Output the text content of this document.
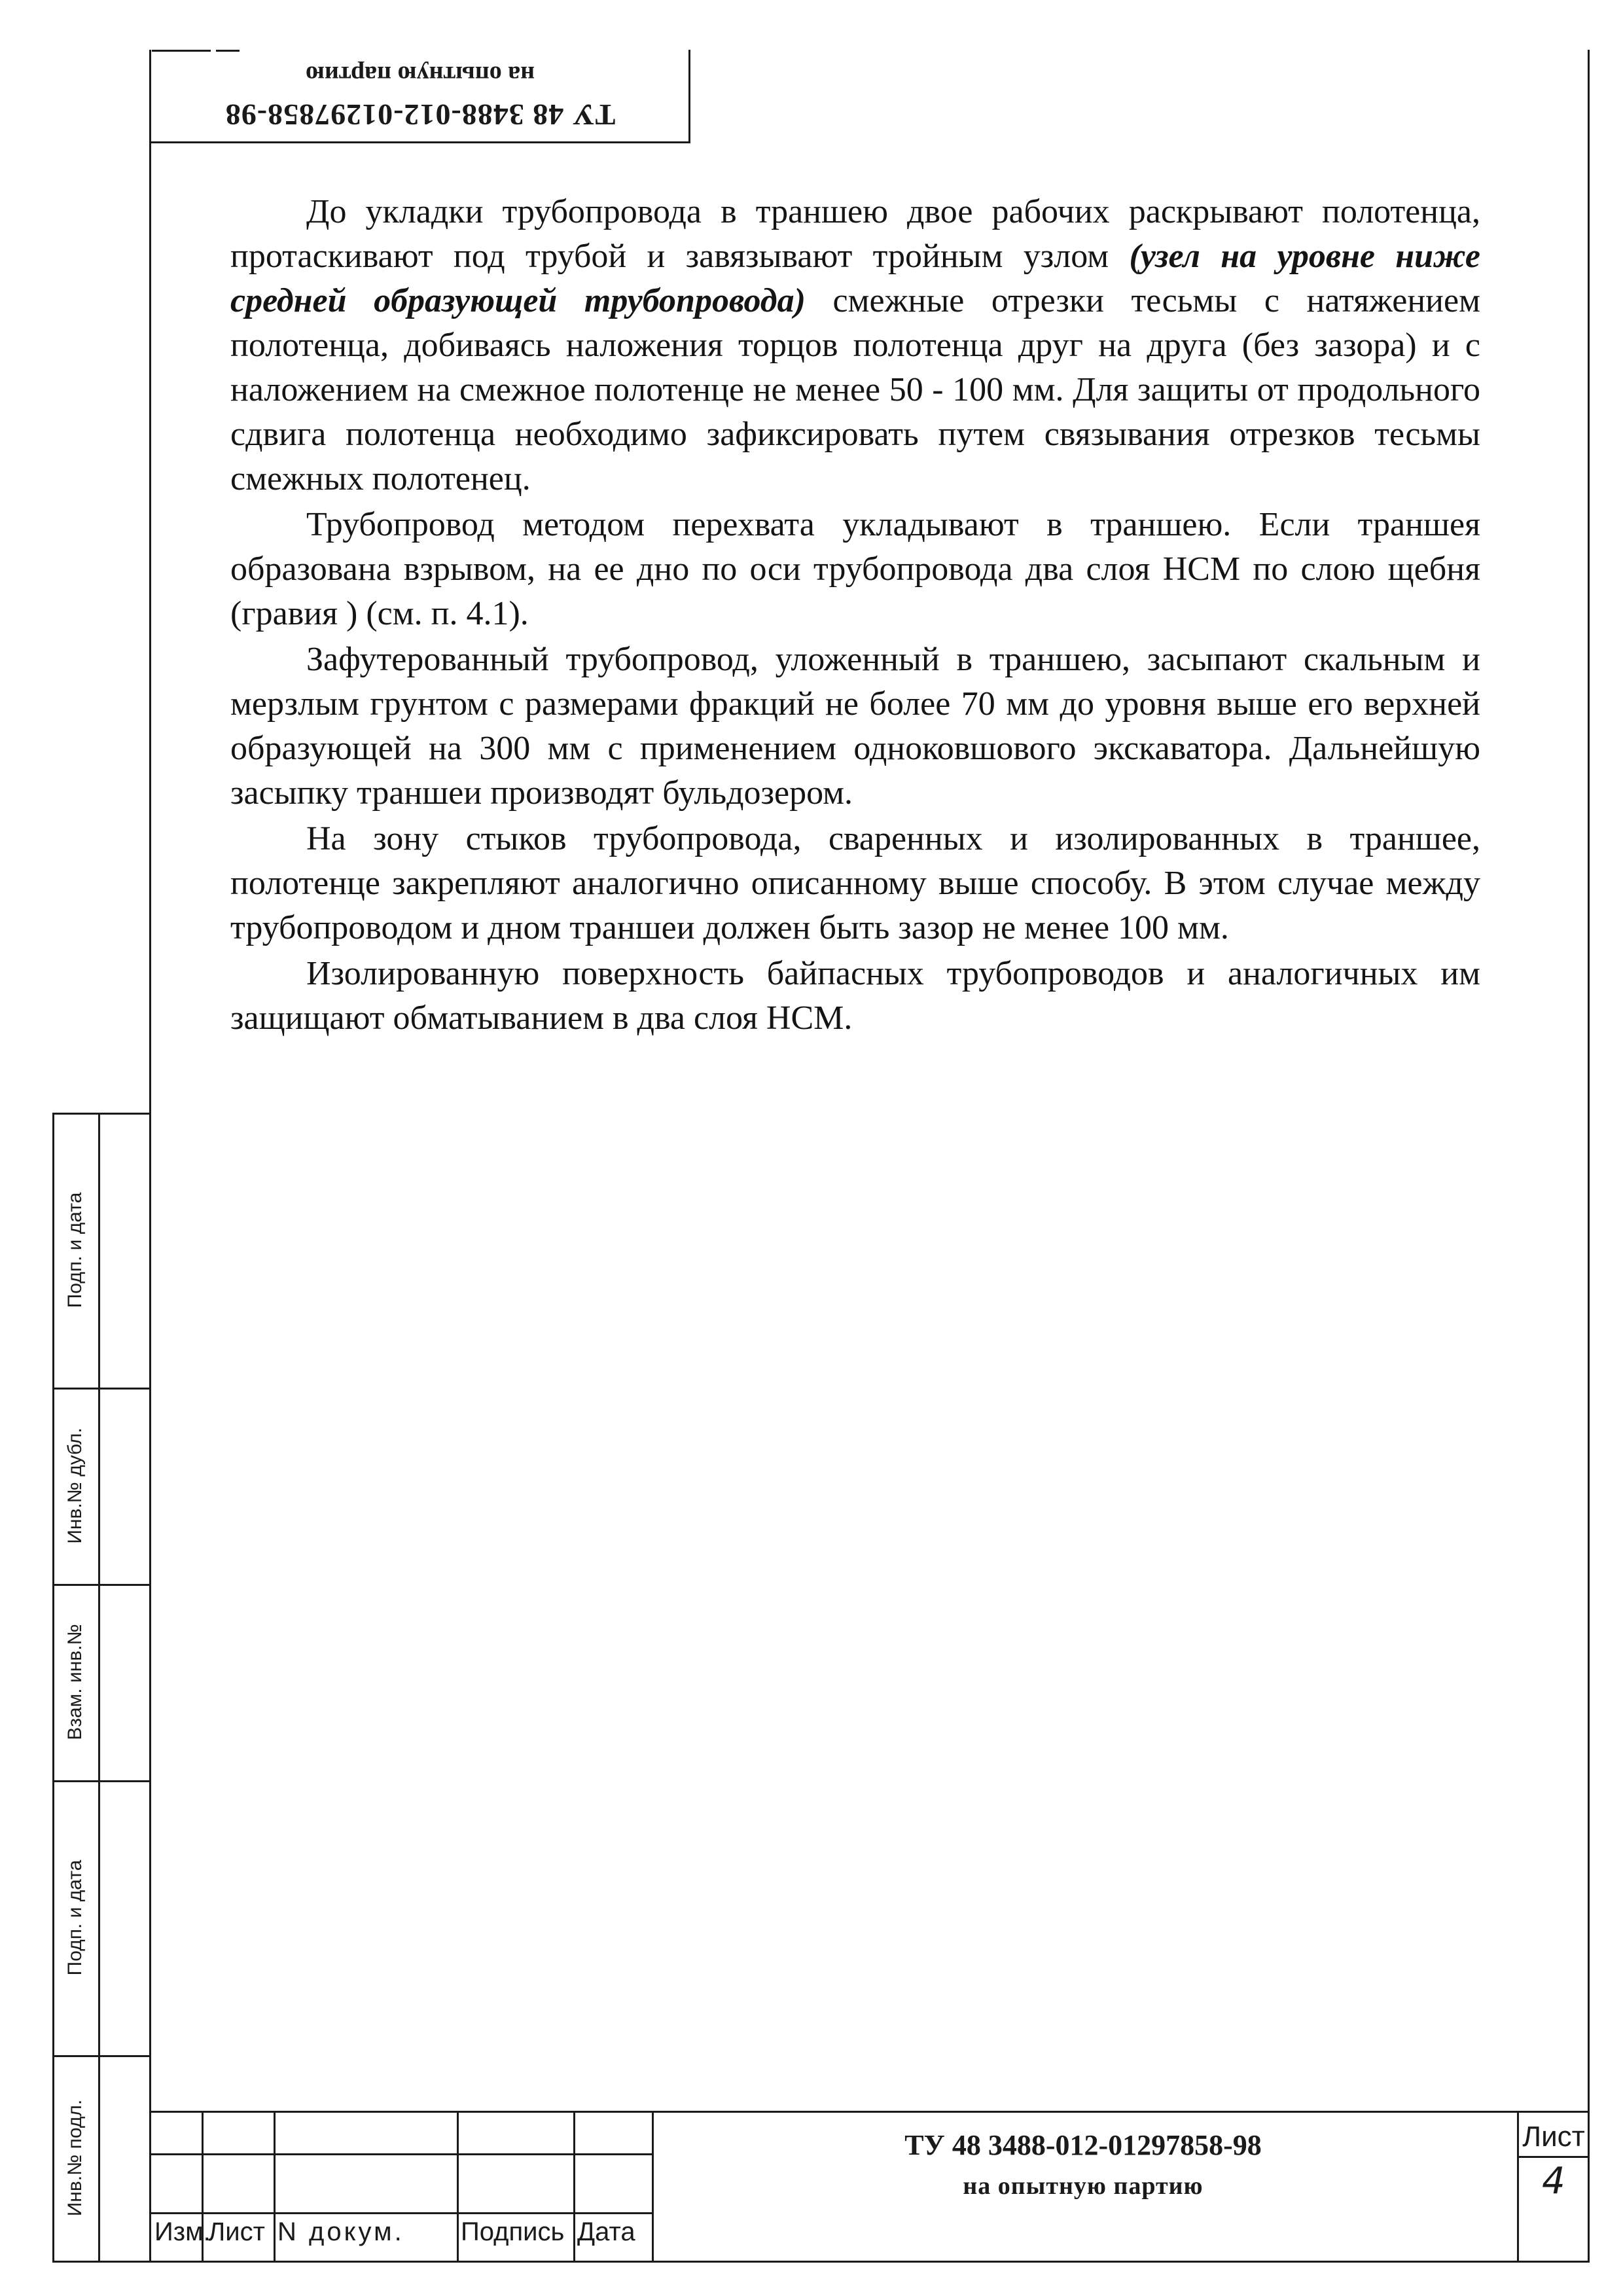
ТУ 48 3488-012-01297858-98
на опытную партию

До укладки трубопровода в траншею двое рабочих раскрывают полотенца, протаскивают под трубой и завязывают тройным узлом (узел на уровне ниже средней образующей трубопровода) смежные отрезки тесьмы с натяжением полотенца, добиваясь наложения торцов полотенца друг на друга (без зазора) и с наложением на смежное полотенце не менее 50 - 100 мм. Для защиты от продольного сдвига полотенца необходимо зафиксировать путем связывания отрезков тесьмы смежных полотенец.

Трубопровод методом перехвата укладывают в траншею. Если траншея образована взрывом, на ее дно по оси трубопровода два слоя НСМ по слою щебня (гравия ) (см. п. 4.1).

Зафутерованный трубопровод, уложенный в траншею, засыпают скальным и мерзлым грунтом с размерами фракций не более 70 мм до уровня выше его верхней образующей на 300 мм с применением одноковшового экскаватора. Дальнейшую засыпку траншеи производят бульдозером.

На зону стыков трубопровода, сваренных и изолированных в траншее, полотенце закрепляют аналогично описанному выше способу. В этом случае между трубопроводом и дном траншеи должен быть зазор не менее 100 мм.

Изолированную поверхность байпасных трубопроводов и аналогичных им защищают обматыванием в два слоя НСМ.

Подп. и дата
Инв.№ дубл.
Взам. инв.№
Подп. и дата
Инв.№ подл.
Изм.
Лист N докум. Подпись Дата
ТУ 48 3488-012-01297858-98
на опытную партию
Лист
4
